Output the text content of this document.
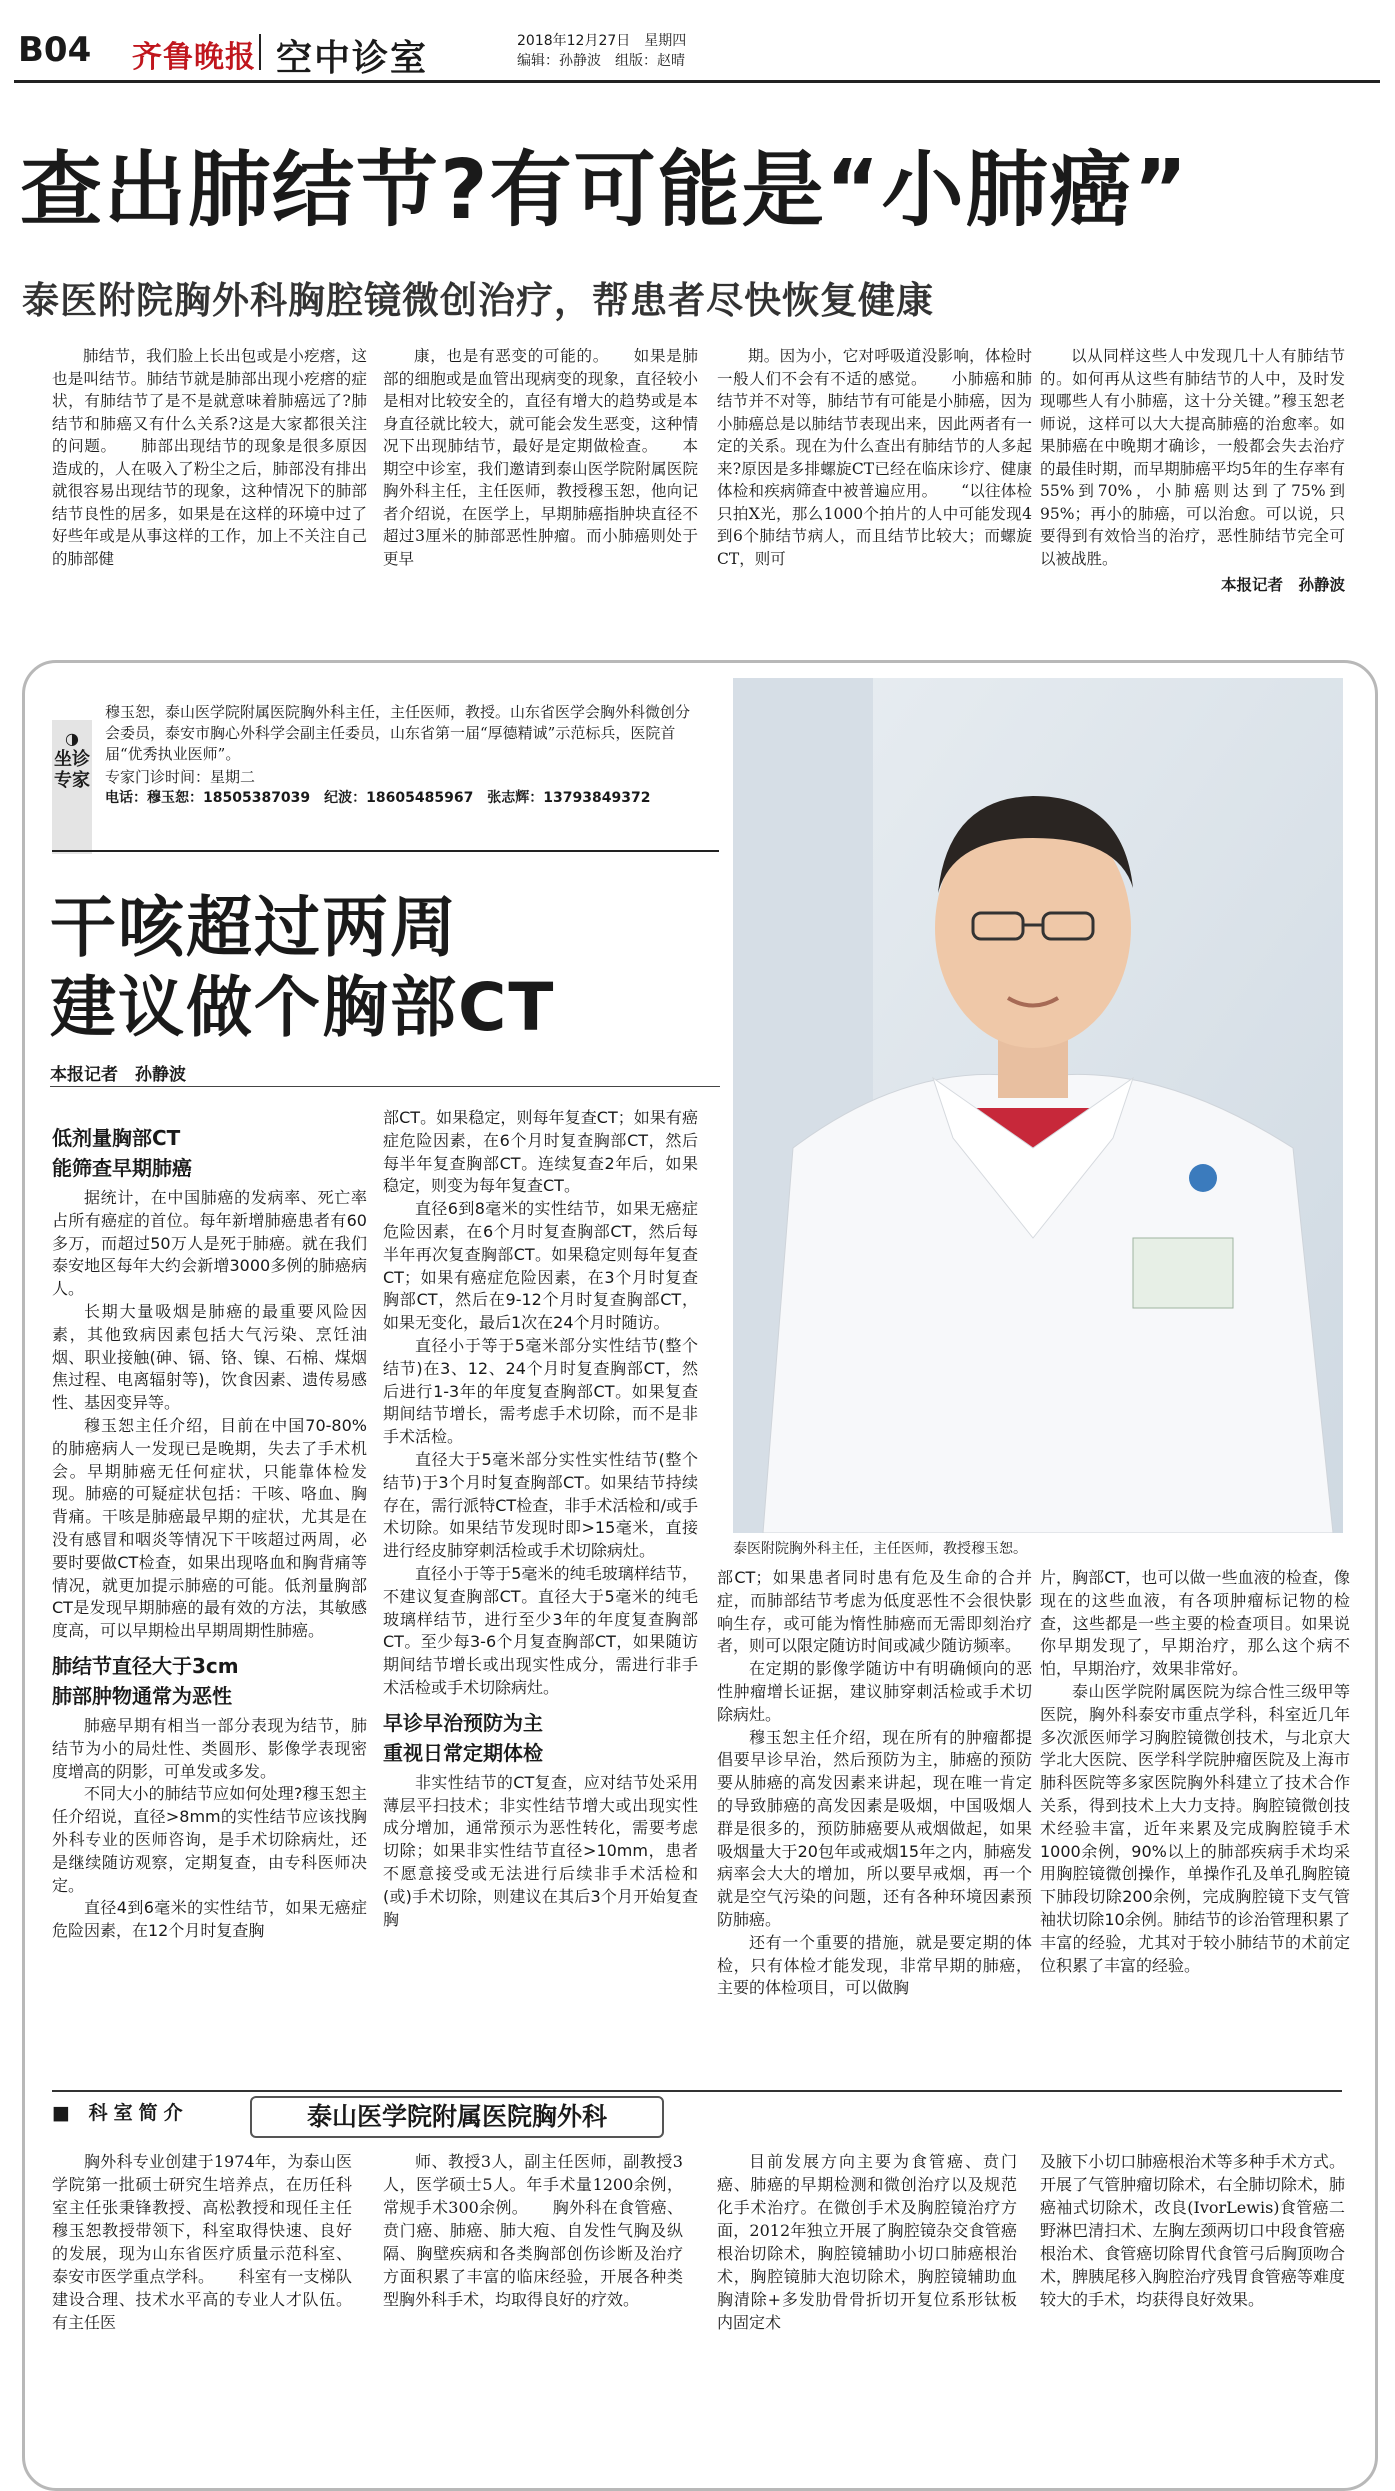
B04 齐鲁晚报 空中诊室	2018年12月27日　星期四
编辑：孙静波　组版：赵晴
查出肺结节?有可能是“小肺癌”
泰医附院胸外科胸腔镜微创治疗，帮患者尽快恢复健康

肺结节，我们脸上长出包或是小疙瘩，这也是叫结节。肺结节就是肺部出现小疙瘩的症状，有肺结节了是不是就意味着肺癌远了?肺结节和肺癌又有什么关系?这是大家都很关注的问题。　　肺部出现结节的现象是很多原因造成的，人在吸入了粉尘之后，肺部没有排出就很容易出现结节的现象，这种情况下的肺部结节良性的居多，如果是在这样的环境中过了好些年或是从事这样的工作，加上不关注自己的肺部健

康，也是有恶变的可能的。　　如果是肺部的细胞或是血管出现病变的现象，直径较小是相对比较安全的，直径有增大的趋势或是本身直径就比较大，就可能会发生恶变，这种情况下出现肺结节，最好是定期做检查。　　本期空中诊室，我们邀请到泰山医学院附属医院胸外科主任，主任医师，教授穆玉恕，他向记者介绍说，在医学上，早期肺癌指肿块直径不超过3厘米的肺部恶性肿瘤。而小肺癌则处于更早

期。因为小，它对呼吸道没影响，体检时一般人们不会有不适的感觉。　　小肺癌和肺结节并不对等，肺结节有可能是小肺癌，因为小肺癌总是以肺结节表现出来，因此两者有一定的关系。现在为什么查出有肺结节的人多起来?原因是多排螺旋CT已经在临床诊疗、健康体检和疾病筛查中被普遍应用。　　“以往体检只拍X光，那么1000个拍片的人中可能发现4到6个肺结节病人，而且结节比较大；而螺旋CT，则可

以从同样这些人中发现几十人有肺结节的。如何再从这些有肺结节的人中，及时发现哪些人有小肺癌，这十分关键。”穆玉恕老师说，这样可以大大提高肺癌的治愈率。如果肺癌在中晚期才确诊，一般都会失去治疗的最佳时期，而早期肺癌平均5年的生存率有55%到70%，小肺癌则达到了75%到95%；再小的肺癌，可以治愈。可以说，只要得到有效恰当的治疗，恶性肺结节完全可以被战胜。

本报记者　孙静波
◑
坐诊专家

穆玉恕，泰山医学院附属医院胸外科主任，主任医师，教授。山东省医学会胸外科微创分会委员，泰安市胸心外科学会副主任委员，山东省第一届“厚德精诚”示范标兵，医院首届“优秀执业医师”。

专家门诊时间：星期二

电话：穆玉恕：18505387039　纪波：18605485967　张志辉：13793849372

干咳超过两周
建议做个胸部CT
本报记者　孙静波
泰医附院胸外科主任，主任医师，教授穆玉恕。
低剂量胸部CT
能筛查早期肺癌

据统计，在中国肺癌的发病率、死亡率占所有癌症的首位。每年新增肺癌患者有60多万，而超过50万人是死于肺癌。就在我们泰安地区每年大约会新增3000多例的肺癌病人。

长期大量吸烟是肺癌的最重要风险因素，其他致病因素包括大气污染、烹饪油烟、职业接触(砷、镉、铬、镍、石棉、煤烟焦过程、电离辐射等)，饮食因素、遗传易感性、基因变异等。

穆玉恕主任介绍，目前在中国70-80%的肺癌病人一发现已是晚期，失去了手术机会。早期肺癌无任何症状，只能靠体检发现。肺癌的可疑症状包括：干咳、咯血、胸背痛。干咳是肺癌最早期的症状，尤其是在没有感冒和咽炎等情况下干咳超过两周，必要时要做CT检查，如果出现咯血和胸背痛等情况，就更加提示肺癌的可能。低剂量胸部CT是发现早期肺癌的最有效的方法，其敏感度高，可以早期检出早期周期性肺癌。

肺结节直径大于3cm
肺部肿物通常为恶性

肺癌早期有相当一部分表现为结节，肺结节为小的局灶性、类圆形、影像学表现密度增高的阴影，可单发或多发。

不同大小的肺结节应如何处理?穆玉恕主任介绍说，直径>8mm的实性结节应该找胸外科专业的医师咨询，是手术切除病灶，还是继续随访观察，定期复查，由专科医师决定。

直径4到6毫米的实性结节，如果无癌症危险因素，在12个月时复查胸

部CT。如果稳定，则每年复查CT；如果有癌症危险因素，在6个月时复查胸部CT，然后每半年复查胸部CT。连续复查2年后，如果稳定，则变为每年复查CT。

直径6到8毫米的实性结节，如果无癌症危险因素，在6个月时复查胸部CT，然后每半年再次复查胸部CT。如果稳定则每年复查CT；如果有癌症危险因素，在3个月时复查胸部CT，然后在9-12个月时复查胸部CT，如果无变化，最后1次在24个月时随访。

直径小于等于5毫米部分实性结节(整个结节)在3、12、24个月时复查胸部CT，然后进行1-3年的年度复查胸部CT。如果复查期间结节增长，需考虑手术切除，而不是非手术活检。

直径大于5毫米部分实性实性结节(整个结节)于3个月时复查胸部CT。如果结节持续存在，需行派特CT检查，非手术活检和/或手术切除。如果结节发现时即>15毫米，直接进行经皮肺穿刺活检或手术切除病灶。

直径小于等于5毫米的纯毛玻璃样结节，不建议复查胸部CT。直径大于5毫米的纯毛玻璃样结节，进行至少3年的年度复查胸部CT。至少每3-6个月复查胸部CT，如果随访期间结节增长或出现实性成分，需进行非手术活检或手术切除病灶。

早诊早治预防为主
重视日常定期体检

非实性结节的CT复查，应对结节处采用薄层平扫技术；非实性结节增大或出现实性成分增加，通常预示为恶性转化，需要考虑切除；如果非实性结节直径>10mm，患者不愿意接受或无法进行后续非手术活检和(或)手术切除，则建议在其后3个月开始复查胸

部CT；如果患者同时患有危及生命的合并症，而肺部结节考虑为低度恶性不会很快影响生存，或可能为惰性肺癌而无需即刻治疗者，则可以限定随访时间或减少随访频率。

在定期的影像学随访中有明确倾向的恶性肿瘤增长证据，建议肺穿刺活检或手术切除病灶。

穆玉恕主任介绍，现在所有的肿瘤都提倡要早诊早治，然后预防为主，肺癌的预防要从肺癌的高发因素来讲起，现在唯一肯定的导致肺癌的高发因素是吸烟，中国吸烟人群是很多的，预防肺癌要从戒烟做起，如果吸烟量大于20包年或戒烟15年之内，肺癌发病率会大大的增加，所以要早戒烟，再一个就是空气污染的问题，还有各种环境因素预防肺癌。

还有一个重要的措施，就是要定期的体检，只有体检才能发现，非常早期的肺癌，主要的体检项目，可以做胸

片，胸部CT，也可以做一些血液的检查，像现在的这些血液，有各项肿瘤标记物的检查，这些都是一些主要的检查项目。如果说你早期发现了，早期治疗，那么这个病不怕，早期治疗，效果非常好。

泰山医学院附属医院为综合性三级甲等医院，胸外科泰安市重点学科，科室近几年多次派医师学习胸腔镜微创技术，与北京大学北大医院、医学科学院肿瘤医院及上海市肺科医院等多家医院胸外科建立了技术合作关系，得到技术上大力支持。胸腔镜微创技术经验丰富，近年来累及完成胸腔镜手术1000余例，90%以上的肺部疾病手术均采用胸腔镜微创操作，单操作孔及单孔胸腔镜下肺段切除200余例，完成胸腔镜下支气管袖状切除10余例。肺结节的诊治管理积累了丰富的经验，尤其对于较小肺结节的术前定位积累了丰富的经验。

■ 科室简介	泰山医学院附属医院胸外科

胸外科专业创建于1974年，为泰山医学院第一批硕士研究生培养点，在历任科室主任张秉锋教授、高松教授和现任主任穆玉恕教授带领下，科室取得快速、良好的发展，现为山东省医疗质量示范科室、泰安市医学重点学科。　　科室有一支梯队建设合理、技术水平高的专业人才队伍。有主任医

师、教授3人，副主任医师，副教授3人，医学硕士5人。年手术量1200余例，常规手术300余例。　　胸外科在食管癌、贲门癌、肺癌、肺大疱、自发性气胸及纵隔、胸壁疾病和各类胸部创伤诊断及治疗方面积累了丰富的临床经验，开展各种类型胸外科手术，均取得良好的疗效。

目前发展方向主要为食管癌、贲门癌、肺癌的早期检测和微创治疗以及规范化手术治疗。在微创手术及胸腔镜治疗方面，2012年独立开展了胸腔镜杂交食管癌根治切除术，胸腔镜辅助小切口肺癌根治术，胸腔镜肺大泡切除术，胸腔镜辅助血胸清除+多发肋骨骨折切开复位系形钛板内固定术

及腋下小切口肺癌根治术等多种手术方式。开展了气管肿瘤切除术，右全肺切除术，肺癌袖式切除术，改良(IvorLewis)食管癌二野淋巴清扫术、左胸左颈两切口中段食管癌根治术、食管癌切除胃代食管弓后胸顶吻合术，脾胰尾移入胸腔治疗残胃食管癌等难度较大的手术，均获得良好效果。
